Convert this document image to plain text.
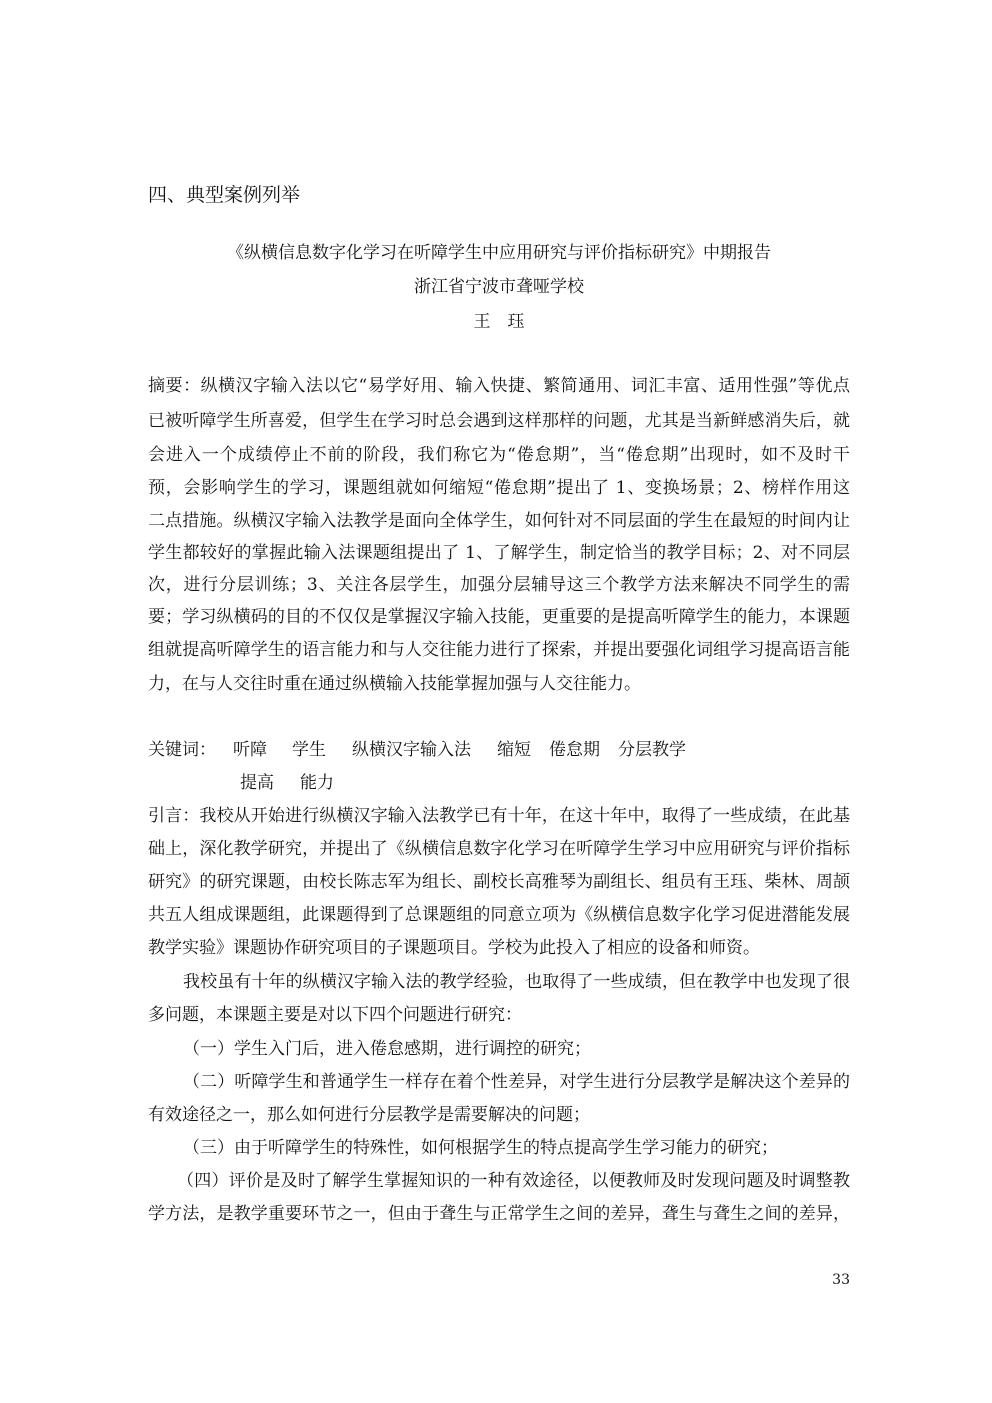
四、典型案例列举
《纵横信息数字化学习在听障学生中应用研究与评价指标研究》中期报告
浙江省宁波市聋哑学校
王　珏
摘要：纵横汉字输入法以它“易学好用、输入快捷、繁简通用、词汇丰富、适用性强”等优点
已被听障学生所喜爱，但学生在学习时总会遇到这样那样的问题，尤其是当新鲜感消失后，就
会进入一个成绩停止不前的阶段，我们称它为“倦怠期”，当“倦怠期”出现时，如不及时干
预，会影响学生的学习，课题组就如何缩短“倦怠期”提出了 1、变换场景；2、榜样作用这
二点措施。纵横汉字输入法教学是面向全体学生，如何针对不同层面的学生在最短的时间内让
学生都较好的掌握此输入法课题组提出了 1、了解学生，制定恰当的教学目标；2、对不同层
次，进行分层训练；3、关注各层学生，加强分层辅导这三个教学方法来解决不同学生的需
要；学习纵横码的目的不仅仅是掌握汉字输入技能，更重要的是提高听障学生的能力，本课题
组就提高听障学生的语言能力和与人交往能力进行了探索，并提出要强化词组学习提高语言能
力，在与人交往时重在通过纵横输入技能掌握加强与人交往能力。
关键词： 听障 学生 纵横汉字输入法 缩短 倦怠期 分层教学
提高 能力
引言：我校从开始进行纵横汉字输入法教学已有十年，在这十年中，取得了一些成绩，在此基
础上，深化教学研究，并提出了《纵横信息数字化学习在听障学生学习中应用研究与评价指标
研究》的研究课题，由校长陈志军为组长、副校长高雅琴为副组长、组员有王珏、柴林、周颉
共五人组成课题组，此课题得到了总课题组的同意立项为《纵横信息数字化学习促进潜能发展
教学实验》课题协作研究项目的子课题项目。学校为此投入了相应的设备和师资。
我校虽有十年的纵横汉字输入法的教学经验，也取得了一些成绩，但在教学中也发现了很
多问题，本课题主要是对以下四个问题进行研究：
（一）学生入门后，进入倦怠感期，进行调控的研究；
（二）听障学生和普通学生一样存在着个性差异，对学生进行分层教学是解决这个差异的
有效途径之一，那么如何进行分层教学是需要解决的问题；
（三）由于听障学生的特殊性，如何根据学生的特点提高学生学习能力的研究；
（四）评价是及时了解学生掌握知识的一种有效途径，以便教师及时发现问题及时调整教
学方法，是教学重要环节之一，但由于聋生与正常学生之间的差异，聋生与聋生之间的差异，
33
